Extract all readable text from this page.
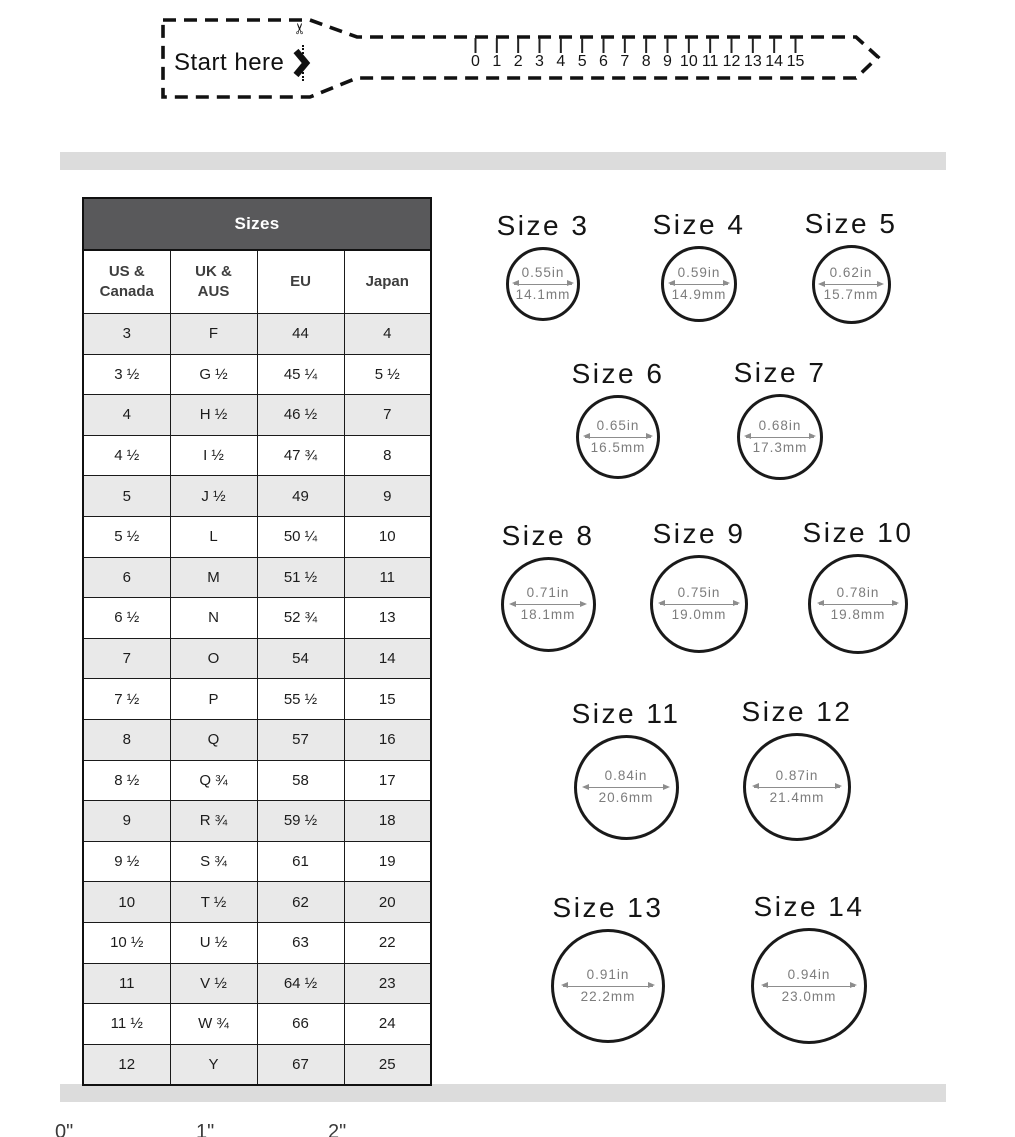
Start here
✂
0 1 2 3 4 5 6 7 8 9 10 11 12 13 14 15
Sizes			
US & Canada	UK & AUS	EU	Japan
3	F	44	4
3 ½	G ½	45 ¼	5 ½
4	H ½	46 ½	7
4 ½	I ½	47 ¾	8
5	J ½	49	9
5 ½	L	50 ¼	10
6	M	51 ½	11
6 ½	N	52 ¾	13
7	O	54	14
7 ½	P	55 ½	15
8	Q	57	16
8 ½	Q ¾	58	17
9	R ¾	59 ½	18
9 ½	S ¾	61	19
10	T ½	62	20
10 ½	U ½	63	22
11	V ½	64 ½	23
11 ½	W ¾	66	24
12	Y	67	25
Size 3
0.55in
14.1mm
Size 4
0.59in
14.9mm
Size 5
0.62in
15.7mm
Size 6
0.65in
16.5mm
Size 7
0.68in
17.3mm
Size 8
0.71in
18.1mm
Size 9
0.75in
19.0mm
Size 10
0.78in
19.8mm
Size 11
0.84in
20.6mm
Size 12
0.87in
21.4mm
Size 13
0.91in
22.2mm
Size 14
0.94in
23.0mm
0"	1"	2"
